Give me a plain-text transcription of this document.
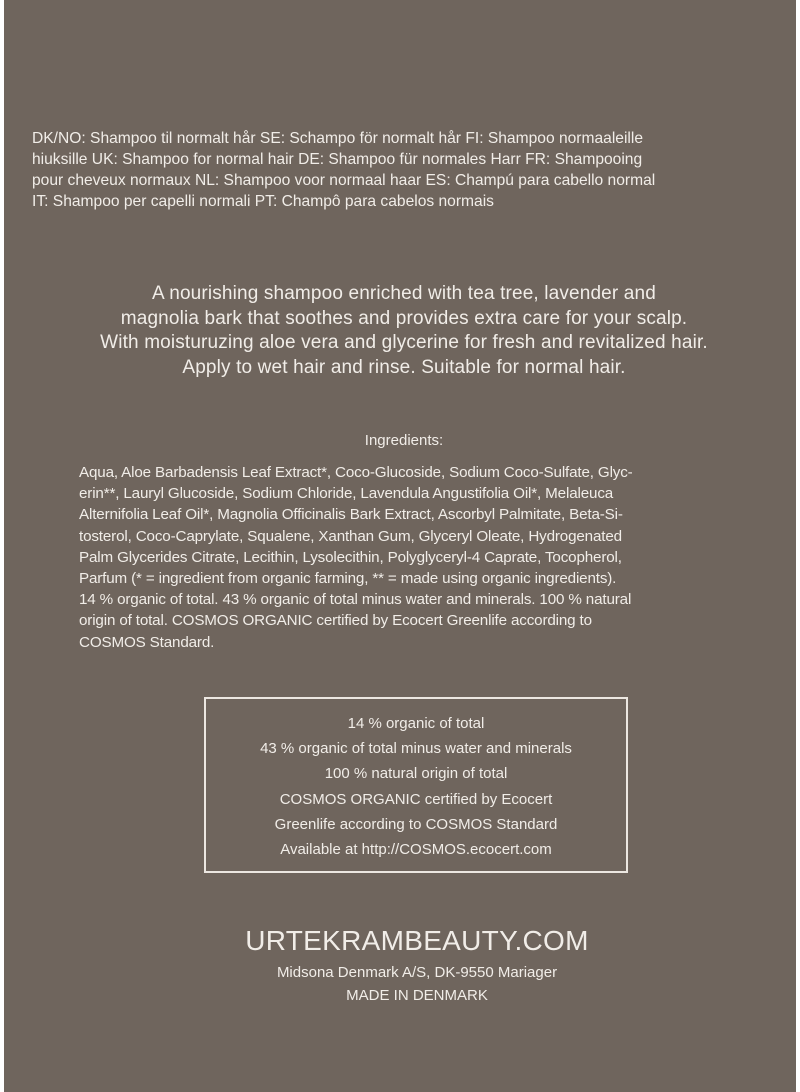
DK/NO: Shampoo til normalt hår SE: Schampo för normalt hår FI: Shampoo normaaleille
hiuksille UK: Shampoo for normal hair DE: Shampoo für normales Harr FR: Shampooing
pour cheveux normaux NL: Shampoo voor normaal haar ES: Champú para cabello normal
IT: Shampoo per capelli normali PT: Champô para cabelos normais
A nourishing shampoo enriched with tea tree, lavender and
magnolia bark that soothes and provides extra care for your scalp.
With moisturuzing aloe vera and glycerine for fresh and revitalized hair.
Apply to wet hair and rinse. Suitable for normal hair.
Ingredients:
Aqua, Aloe Barbadensis Leaf Extract*, Coco-Glucoside, Sodium Coco-Sulfate, Glyc-
erin**, Lauryl Glucoside, Sodium Chloride, Lavendula Angustifolia Oil*, Melaleuca
Alternifolia Leaf Oil*, Magnolia Officinalis Bark Extract, Ascorbyl Palmitate, Beta-Si-
tosterol, Coco-Caprylate, Squalene, Xanthan Gum, Glyceryl Oleate, Hydrogenated
Palm Glycerides Citrate, Lecithin, Lysolecithin, Polyglyceryl-4 Caprate, Tocopherol,
Parfum (* = ingredient from organic farming, ** = made using organic ingredients).
14 % organic of total. 43 % organic of total minus water and minerals. 100 % natural
origin of total. COSMOS ORGANIC certified by Ecocert Greenlife according to
COSMOS Standard.
14 % organic of total
43 % organic of total minus water and minerals
100 % natural origin of total
COSMOS ORGANIC certified by Ecocert
Greenlife according to COSMOS Standard
Available at http://COSMOS.ecocert.com
URTEKRAMBEAUTY.COM
Midsona Denmark A/S, DK-9550 Mariager
MADE IN DENMARK
